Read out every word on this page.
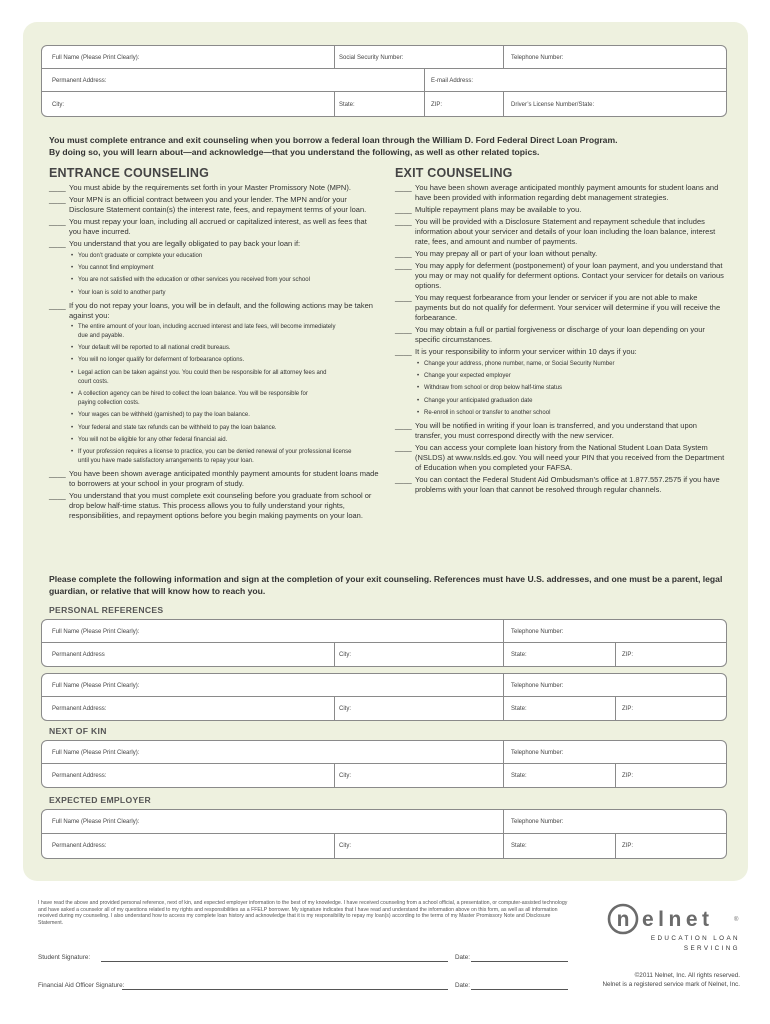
Full Name (Please Print Clearly):	Social Security Number:	Telephone Number:
Permanent Address:	E-mail Address:
City:	State:	ZIP:	Driver’s License Number/State:

You must complete entrance and exit counseling when you borrow a federal loan through the William D. Ford Federal Direct Loan Program.

By doing so, you will learn about—and acknowledge—that you understand the following, as well as other related topics.

ENTRANCE COUNSELING	EXIT COUNSELING
____ You must abide by the requirements set forth in your Master Promissory Note (MPN).
____ Your MPN is an official contract between you and your lender. The MPN and/or your Disclosure Statement contain(s) the interest rate, fees, and repayment terms of your loan.
____ You must repay your loan, including all accrued or capitalized interest, as well as fees that you have incurred.
____ You understand that you are legally obligated to pay back your loan if:
• You don’t graduate or complete your education
• You cannot find employment
• You are not satisfied with the education or other services you received from your school
• Your loan is sold to another party
____ If you do not repay your loans, you will be in default, and the following actions may be taken against you:
• The entire amount of your loan, including accrued interest and late fees, will become immediately due and payable.
• Your default will be reported to all national credit bureaus.
• You will no longer qualify for deferment of forbearance options.
• Legal action can be taken against you. You could then be responsible for all attorney fees and court costs.
• A collection agency can be hired to collect the loan balance. You will be responsible for paying collection costs.
• Your wages can be withheld (garnished) to pay the loan balance.
• Your federal and state tax refunds can be withheld to pay the loan balance.
• You will not be eligible for any other federal financial aid.
• If your profession requires a license to practice, you can be denied renewal of your professional license until you have made satisfactory arrangements to repay your loan.
____ You have been shown average anticipated monthly payment amounts for student loans made to borrowers at your school in your program of study.
____ You understand that you must complete exit counseling before you graduate from school or drop below half-time status. This process allows you to fully understand your rights, responsibilities, and repayment options before you begin making payments on your loan.
____ You have been shown average anticipated monthly payment amounts for student loans and have been provided with information regarding debt management strategies.
____ Multiple repayment plans may be available to you.
____ You will be provided with a Disclosure Statement and repayment schedule that includes information about your servicer and details of your loan including the loan balance, interest rate, fees, and amount and number of payments.
____ You may prepay all or part of your loan without penalty.
____ You may apply for deferment (postponement) of your loan payment, and you understand that you may or may not qualify for deferment options. Contact your servicer for details on various options.
____ You may request forbearance from your lender or servicer if you are not able to make payments but do not qualify for deferment. Your servicer will determine if you will receive the forbearance.
____ You may obtain a full or partial forgiveness or discharge of your loan depending on your specific circumstances.
____ It is your responsibility to inform your servicer within 10 days if you:
• Change your address, phone number, name, or Social Security Number
• Change your expected employer
• Withdraw from school or drop below half-time status
• Change your anticipated graduation date
• Re-enroll in school or transfer to another school
____ You will be notified in writing if your loan is transferred, and you understand that upon transfer, you must correspond directly with the new servicer.
____ You can access your complete loan history from the National Student Loan Data System (NSLDS) at www.nslds.ed.gov. You will need your PIN that you received from the Department of Education when you completed your FAFSA.
____ You can contact the Federal Student Aid Ombudsman’s office at 1.877.557.2575 if you have problems with your loan that cannot be resolved through regular channels.

Please complete the following information and sign at the completion of your exit counseling. References must have U.S. addresses, and one must be a parent, legal guardian, or relative that will know how to reach you.

PERSONAL REFERENCES
Full Name (Please Print Clearly):	Telephone Number:
Permanent Address	City:	State:	ZIP:
Full Name (Please Print Clearly):	Telephone Number:
Permanent Address:	City:	State:	ZIP:
NEXT OF KIN
Full Name (Please Print Clearly):	Telephone Number:
Permanent Address:	City:	State:	ZIP:
EXPECTED EMPLOYER
Full Name (Please Print Clearly):	Telephone Number:
Permanent Address:	City:	State:	ZIP:
I have read the above and provided personal reference, next of kin, and expected employer information to the best of my knowledge. I have received counseling from a school official, a presentation, or computer-assisted technology and have asked a counselor all of my questions related to my rights and responsibilities as a FFELP borrower. My signature indicates that I have read and understand the information above on this form, as well as all information received during my counseling. I also understand how to access my complete loan history and acknowledge that it is my responsibility to repay my loan(s) according to the terms of my Master Promissory Note and Disclosure Statement.
Student Signature:	Date:
Financial Aid Officer Signature:	Date:
n elnet	®
EDUCATION LOAN
SERVICING
©2011 Nelnet, Inc. All rights reserved.
Nelnet is a registered service mark of Nelnet, Inc.
